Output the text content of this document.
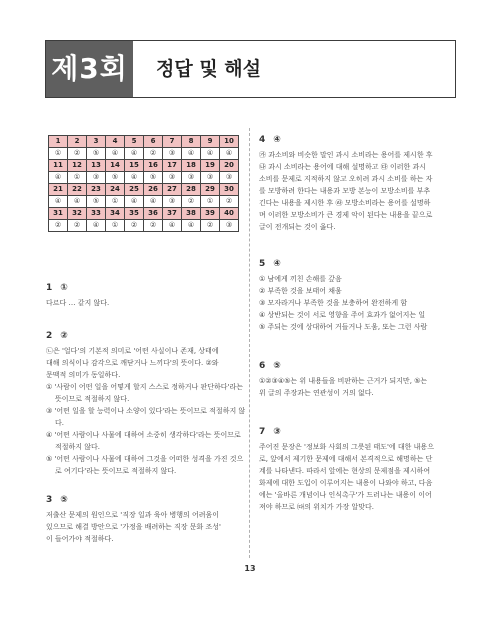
제3회 정답 및 해설
1	2	3	4	5	6	7	8	9	10
①	②	⑤	④	④	②	③	④	④	④
11	12	13	14	15	16	17	18	19	20
④	①	③	⑤	④	⑤	③	③	③	③
21	22	23	24	25	26	27	28	29	30
④	④	⑤	①	④	④	③	②	①	②
31	32	33	34	35	36	37	38	39	40
②	②	④	①	②	②	④	④	②	③
1 ①

다르다 … 같지 않다.

2 ②

㉡은 '얼다'의 기본적 의미로 '어떤 사실이나 존재, 상태에

대해 의식이나 감각으로 깨닫거나 느끼다'의 뜻이다. ②와

문맥적 의미가 동일하다.

① '사람이 어떤 일을 어떻게 할지 스스로 정하거나 판단하다'라는 뜻이므로 적절하지 않다.

③ '어떤 일을 할 능력이나 소양이 있다'라는 뜻이므로 적절하지 않다.

④ '어떤 사람이나 사물에 대하여 소중히 생각하다'라는 뜻이므로 적절하지 않다.

⑤ '어떤 사람이나 사물에 대하여 그것을 어떠한 성격을 가진 것으로 여기다'라는 뜻이므로 적절하지 않다.

3 ⑤

저출산 문제의 원인으로 '직장 일과 육아 병행의 어려움이

있으므로 해결 방안으로 '가정을 배려하는 직장 문화 조성'

이 들어가야 적절하다.

4 ④

㉮ 과소비와 비슷한 말인 과시 소비라는 용어를 제시한 후

㉯ 과시 소비라는 용어에 대해 설명하고 ㉰ 이러한 과시

소비를 문제로 지적하지 않고 오히려 과시 소비를 하는 자

를 모방하려 한다는 내용과 모방 본능이 모방소비를 부추

긴다는 내용을 제시한 후 ㉱ 모방소비라는 용어를 설명하

며 이러한 모방소비가 큰 경제 악이 된다는 내용을 끝으로

글이 전개되는 것이 옳다.

5 ④

① 남에게 끼친 손해를 갚음

② 부족한 것을 보태어 채움

③ 모자라거나 부족한 것을 보충하여 완전하게 함

④ 상반되는 것이 서로 영향을 주어 효과가 없어지는 일

⑤ 주되는 것에 상대하여 거들거나 도움, 또는 그런 사람

6 ⑤

①②③④⑤는 위 내용들을 비판하는 근거가 되지만, ⑤는

위 글의 주장과는 연관성이 거의 없다.

7 ③

주어진 문장은 '정보화 사회의 그릇된 태도'에 대한 내용으

로, 앞에서 제기한 문제에 대해서 본격적으로 해명하는 단

계를 나타낸다. 따라서 앞에는 현상의 문제점을 제시하여

화제에 대한 도입이 이루어지는 내용이 나와야 하고, 다음

에는 '올바른 개념이나 인식촉구'가 드러나는 내용이 이어

져야 하므로 ㈐의 위치가 가장 알맞다.

13
